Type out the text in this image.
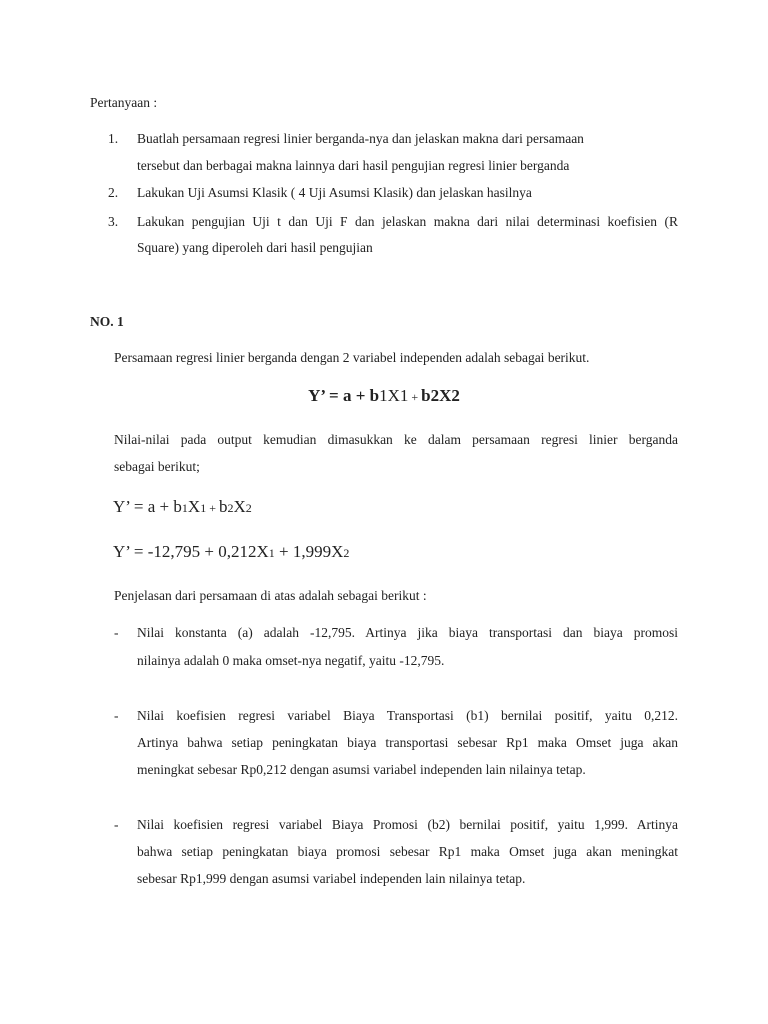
Pertanyaan :
1.	Buatlah persamaan regresi linier berganda-nya dan jelaskan makna dari persamaan
tersebut dan berbagai makna lainnya dari hasil pengujian regresi linier berganda
2.	Lakukan Uji Asumsi Klasik ( 4 Uji Asumsi Klasik) dan jelaskan hasilnya
3.	Lakukan pengujian Uji t dan Uji F dan jelaskan makna dari nilai determinasi koefisien (R
Square) yang diperoleh dari hasil pengujian
NO. 1
Persamaan regresi linier berganda dengan 2 variabel independen adalah sebagai berikut.
Y’ = a + b1X1 + b2X2
Nilai-nilai pada output kemudian dimasukkan ke dalam persamaan regresi linier berganda
sebagai berikut;
Y’ = a + b1X1 + b2X2
Y’ = -12,795 + 0,212X1 + 1,999X2
Penjelasan dari persamaan di atas adalah sebagai berikut :
- Nilai konstanta (a) adalah -12,795. Artinya jika biaya transportasi dan biaya promosi
nilainya adalah 0 maka omset-nya negatif, yaitu -12,795.
- Nilai koefisien regresi variabel Biaya Transportasi (b1) bernilai positif, yaitu 0,212.
Artinya bahwa setiap peningkatan biaya transportasi sebesar Rp1 maka Omset juga akan
meningkat sebesar Rp0,212 dengan asumsi variabel independen lain nilainya tetap.
- Nilai koefisien regresi variabel Biaya Promosi (b2) bernilai positif, yaitu 1,999. Artinya
bahwa setiap peningkatan biaya promosi sebesar Rp1 maka Omset juga akan meningkat
sebesar Rp1,999 dengan asumsi variabel independen lain nilainya tetap.
